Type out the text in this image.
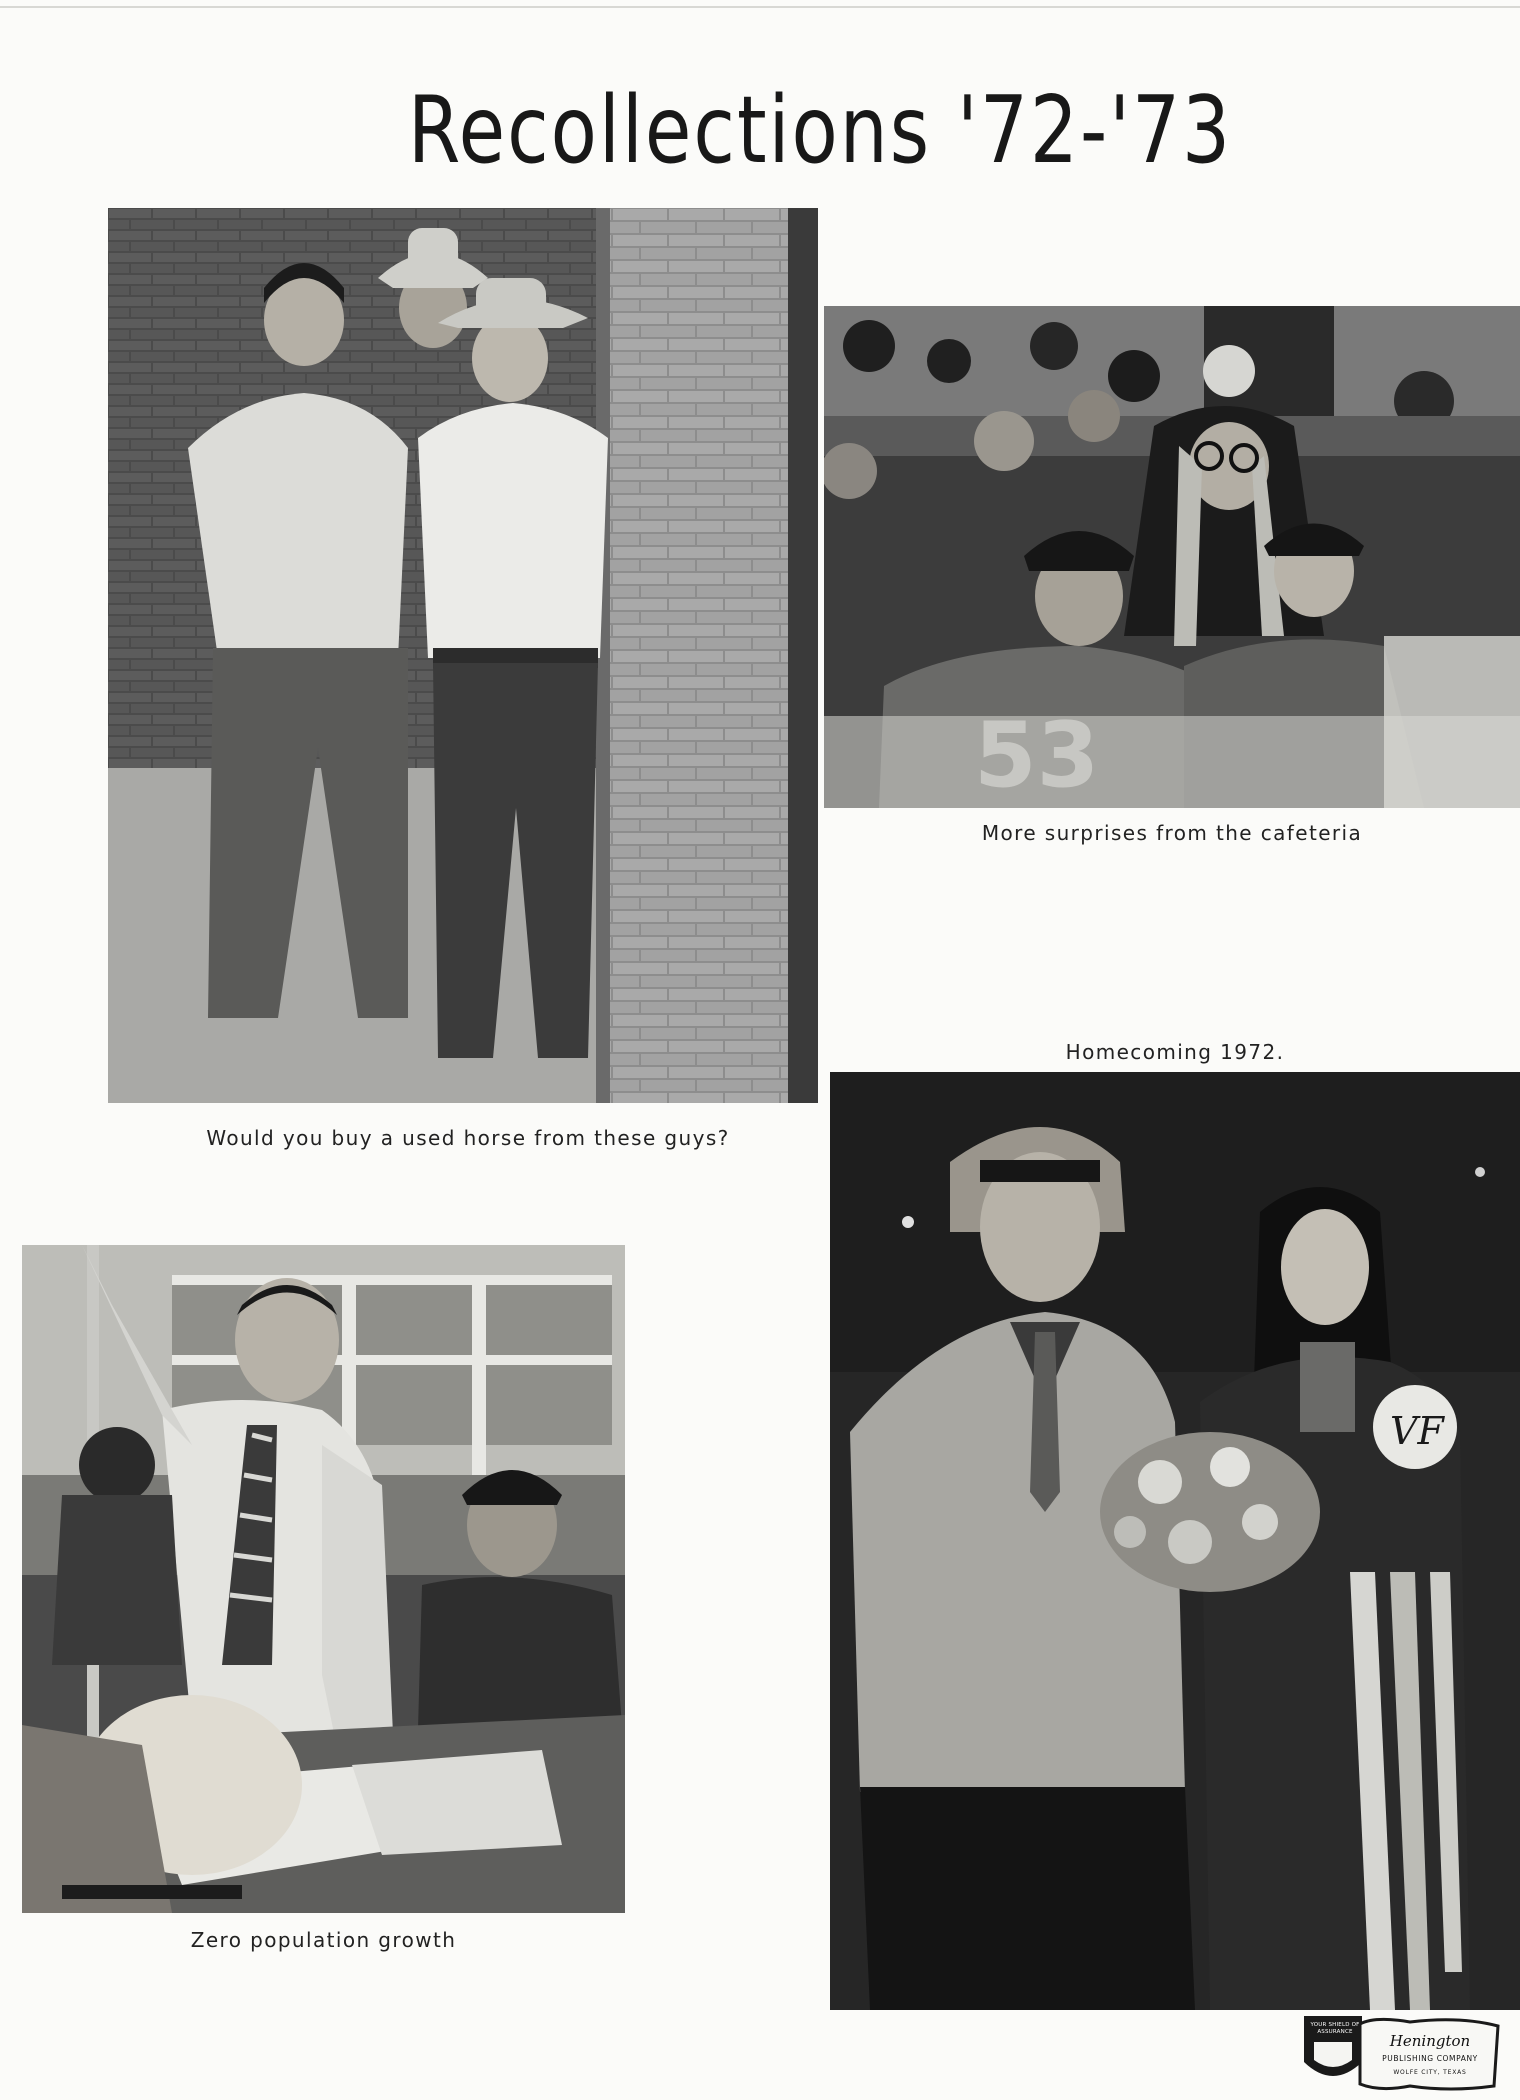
Recollections '72-'73
Would you buy a used horse from these guys?
More surprises from the cafeteria
Homecoming 1972.
VF
Zero population growth
YOUR SHIELD OF ASSURANCE	Henington
PUBLISHING COMPANY
WOLFE CITY, TEXAS
